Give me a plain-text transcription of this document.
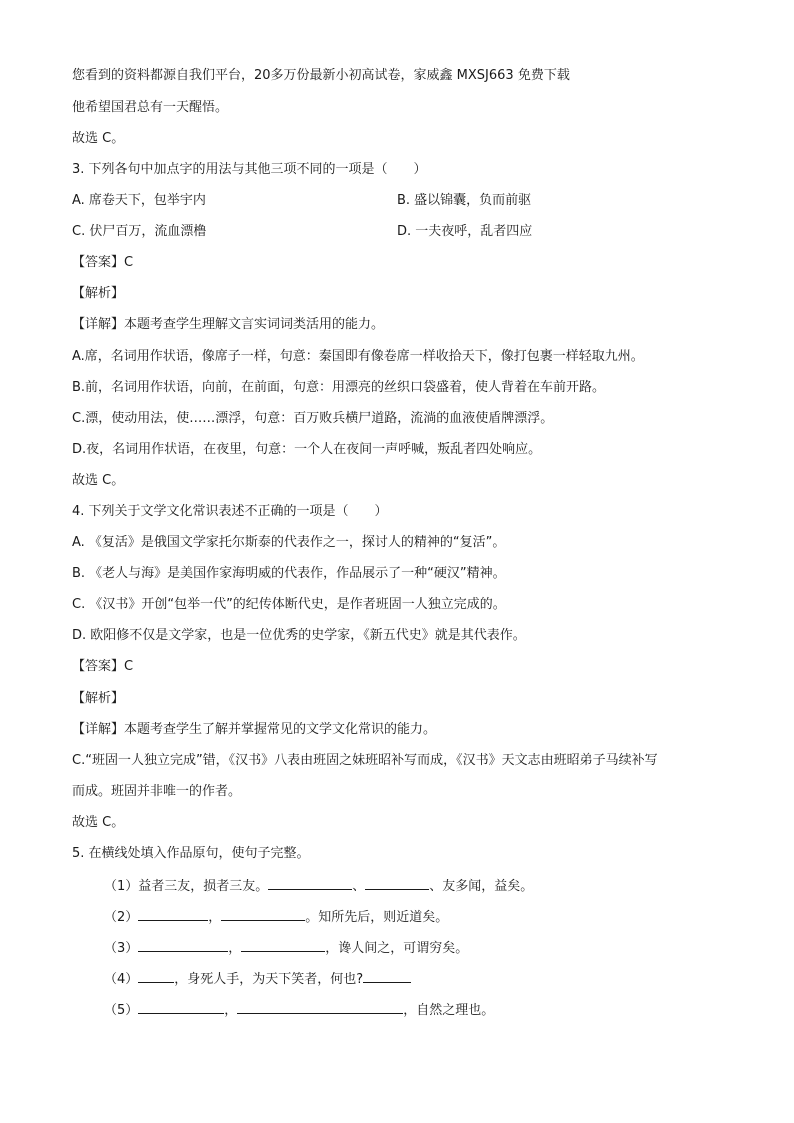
您看到的资料都源自我们平台，20多万份最新小初高试卷，家威鑫 MXSJ663 免费下载
他希望国君总有一天醒悟。
故选 C。
3. 下列各句中加点字的用法与其他三项不同的一项是（　　）
A. 席卷天下，包举宇内	B. 盛以锦囊，负而前驱
C. 伏尸百万，流血漂橹	D. 一夫夜呼，乱者四应
【答案】C
【解析】
【详解】本题考查学生理解文言实词词类活用的能力。
A.席，名词用作状语，像席子一样，句意：秦国即有像卷席一样收拾天下，像打包裹一样轻取九州。
B.前，名词用作状语，向前，在前面，句意：用漂亮的丝织口袋盛着，使人背着在车前开路。
C.漂，使动用法，使……漂浮，句意：百万败兵横尸道路，流淌的血液使盾牌漂浮。
D.夜，名词用作状语，在夜里，句意：一个人在夜间一声呼喊，叛乱者四处响应。
故选 C。
4. 下列关于文学文化常识表述不正确的一项是（　　）
A. 《复活》是俄国文学家托尔斯泰的代表作之一，探讨人的精神的“复活”。
B. 《老人与海》是美国作家海明威的代表作，作品展示了一种“硬汉”精神。
C. 《汉书》开创“包举一代”的纪传体断代史，是作者班固一人独立完成的。
D. 欧阳修不仅是文学家，也是一位优秀的史学家，《新五代史》就是其代表作。
【答案】C
【解析】
【详解】本题考查学生了解并掌握常见的文学文化常识的能力。
C.“班固一人独立完成”错，《汉书》八表由班固之妹班昭补写而成，《汉书》天文志由班昭弟子马续补写
而成。班固并非唯一的作者。
故选 C。
5. 在横线处填入作品原句，使句子完整。
（1）益者三友，损者三友。	、	、友多闻，益矣。
（2）	，	。知所先后，则近道矣。
（3）	，	，谗人间之，可谓穷矣。
（4）	，身死人手，为天下笑者，何也?
（5）	，	，自然之理也。
